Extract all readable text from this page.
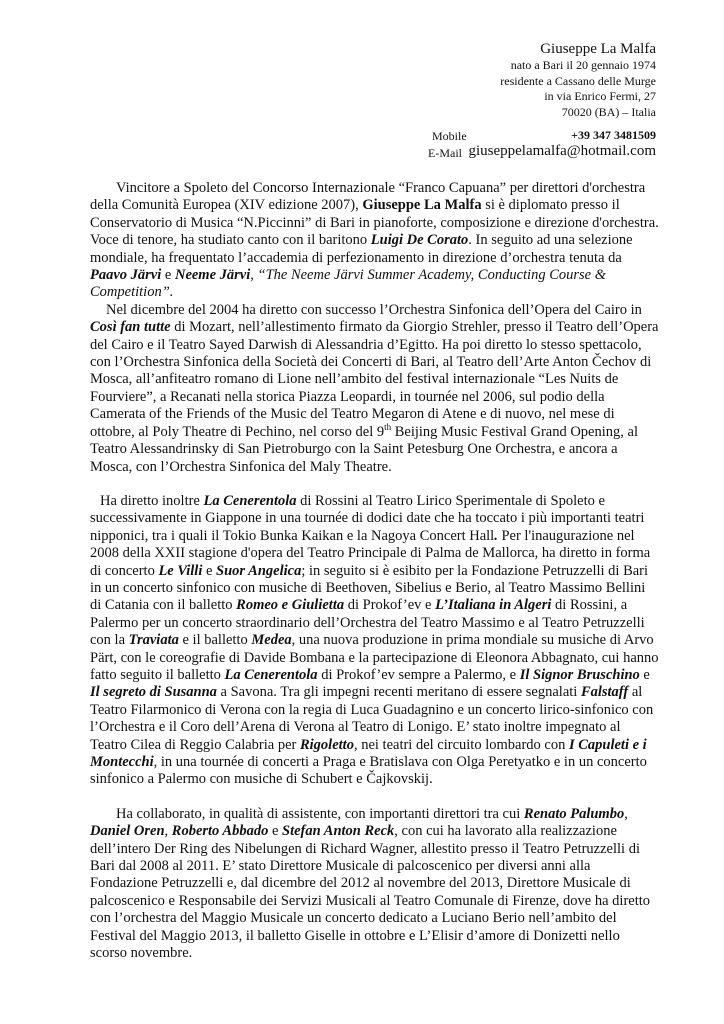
Giuseppe La Malfa
nato a Bari il 20 gennaio 1974
residente a Cassano delle Murge
in via Enrico Fermi, 27
70020 (BA) – Italia
Mobile	+39 347 3481509
E-Mail giuseppelamalfa@hotmail.com

Vincitore a Spoleto del Concorso Internazionale “Franco Capuana” per direttori d'orchestra della Comunità Europea (XIV edizione 2007), Giuseppe La Malfa si è diplomato presso il Conservatorio di Musica “N.Piccinni” di Bari in pianoforte, composizione e direzione d'orchestra. Voce di tenore, ha studiato canto con il baritono Luigi De Corato. In seguito ad una selezione mondiale, ha frequentato l’accademia di perfezionamento in direzione d’orchestra tenuta da Paavo Järvi e Neeme Järvi, “The Neeme Järvi Summer Academy, Conducting Course & Competition”.

Nel dicembre del 2004 ha diretto con successo l’Orchestra Sinfonica dell’Opera del Cairo in Così fan tutte di Mozart, nell’allestimento firmato da Giorgio Strehler, presso il Teatro dell’Opera del Cairo e il Teatro Sayed Darwish di Alessandria d’Egitto. Ha poi diretto lo stesso spettacolo, con l’Orchestra Sinfonica della Società dei Concerti di Bari, al Teatro dell’Arte Anton Čechov di Mosca, all’anfiteatro romano di Lione nell’ambito del festival internazionale “Les Nuits de Fourviere”, a Recanati nella storica Piazza Leopardi, in tournée nel 2006, sul podio della Camerata of the Friends of the Music del Teatro Megaron di Atene e di nuovo, nel mese di ottobre, al Poly Theatre di Pechino, nel corso del 9th Beijing Music Festival Grand Opening, al Teatro Alessandrinsky di San Pietroburgo con la Saint Petesburg One Orchestra, e ancora a Mosca, con l’Orchestra Sinfonica del Maly Theatre.

Ha diretto inoltre La Cenerentola di Rossini al Teatro Lirico Sperimentale di Spoleto e successivamente in Giappone in una tournée di dodici date che ha toccato i più importanti teatri nipponici, tra i quali il Tokio Bunka Kaikan e la Nagoya Concert Hall. Per l'inaugurazione nel 2008 della XXII stagione d'opera del Teatro Principale di Palma de Mallorca, ha diretto in forma di concerto Le Villi e Suor Angelica; in seguito si è esibito per la Fondazione Petruzzelli di Bari in un concerto sinfonico con musiche di Beethoven, Sibelius e Berio, al Teatro Massimo Bellini di Catania con il balletto Romeo e Giulietta di Prokof’ev e L’Italiana in Algeri di Rossini, a Palermo per un concerto straordinario dell’Orchestra del Teatro Massimo e al Teatro Petruzzelli con la Traviata e il balletto Medea, una nuova produzione in prima mondiale su musiche di Arvo Pärt, con le coreografie di Davide Bombana e la partecipazione di Eleonora Abbagnato, cui hanno fatto seguito il balletto La Cenerentola di Prokof’ev sempre a Palermo, e Il Signor Bruschino e Il segreto di Susanna a Savona. Tra gli impegni recenti meritano di essere segnalati Falstaff al Teatro Filarmonico di Verona con la regia di Luca Guadagnino e un concerto lirico-sinfonico con l’Orchestra e il Coro dell’Arena di Verona al Teatro di Lonigo. E’ stato inoltre impegnato al Teatro Cilea di Reggio Calabria per Rigoletto, nei teatri del circuito lombardo con I Capuleti e i Montecchi, in una tournée di concerti a Praga e Bratislava con Olga Peretyatko e in un concerto sinfonico a Palermo con musiche di Schubert e Čajkovskij.

Ha collaborato, in qualità di assistente, con importanti direttori tra cui Renato Palumbo, Daniel Oren, Roberto Abbado e Stefan Anton Reck, con cui ha lavorato alla realizzazione dell’intero Der Ring des Nibelungen di Richard Wagner, allestito presso il Teatro Petruzzelli di Bari dal 2008 al 2011. E’ stato Direttore Musicale di palcoscenico per diversi anni alla Fondazione Petruzzelli e, dal dicembre del 2012 al novembre del 2013, Direttore Musicale di palcoscenico e Responsabile dei Servizi Musicali al Teatro Comunale di Firenze, dove ha diretto con l’orchestra del Maggio Musicale un concerto dedicato a Luciano Berio nell’ambito del Festival del Maggio 2013, il balletto Giselle in ottobre e L’Elisir d’amore di Donizetti nello scorso novembre.
